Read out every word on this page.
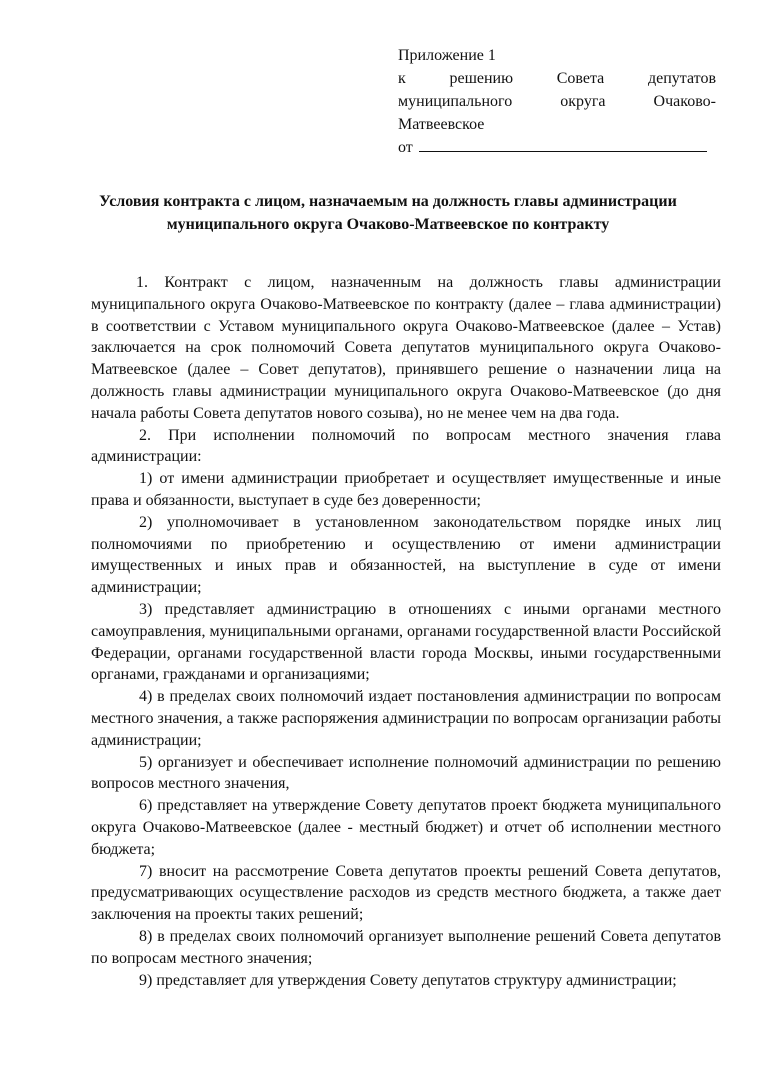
Приложение 1
к решению Совета депутатов
муниципального округа Очаково-
Матвеевское
от
Условия контракта с лицом, назначаемым на должность главы администрации муниципального округа Очаково-Матвеевское по контракту

1. Контракт с лицом, назначенным на должность главы администрации муниципального округа Очаково-Матвеевское по контракту (далее – глава администрации) в соответствии с Уставом муниципального округа Очаково-Матвеевское (далее – Устав) заключается на срок полномочий Совета депутатов муниципального округа Очаково-Матвеевское (далее – Совет депутатов), принявшего решение о назначении лица на должность главы администрации муниципального округа Очаково-Матвеевское (до дня начала работы Совета депутатов нового созыва), но не менее чем на два года.

2. При исполнении полномочий по вопросам местного значения глава администрации:

1) от имени администрации приобретает и осуществляет имущественные и иные права и обязанности, выступает в суде без доверенности;

2) уполномочивает в установленном законодательством порядке иных лиц полномочиями по приобретению и осуществлению от имени администрации имущественных и иных прав и обязанностей, на выступление в суде от имени администрации;

3) представляет администрацию в отношениях с иными органами местного самоуправления, муниципальными органами, органами государственной власти Российской Федерации, органами государственной власти города Москвы, иными государственными органами, гражданами и организациями;

4) в пределах своих полномочий издает постановления администрации по вопросам местного значения, а также распоряжения администрации по вопросам организации работы администрации;

5) организует и обеспечивает исполнение полномочий администрации по решению вопросов местного значения,

6) представляет на утверждение Совету депутатов проект бюджета муниципального округа Очаково-Матвеевское (далее - местный бюджет) и отчет об исполнении местного бюджета;

7) вносит на рассмотрение Совета депутатов проекты решений Совета депутатов, предусматривающих осуществление расходов из средств местного бюджета, а также дает заключения на проекты таких решений;

8) в пределах своих полномочий организует выполнение решений Совета депутатов по вопросам местного значения;

9) представляет для утверждения Совету депутатов структуру администрации;
